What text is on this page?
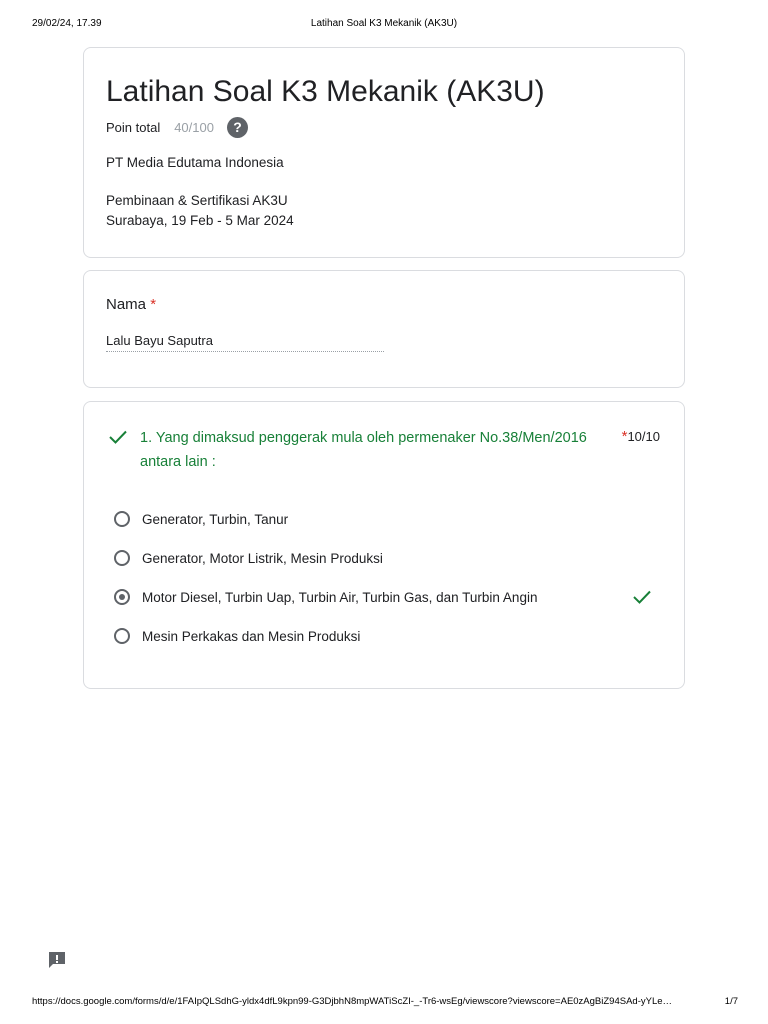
29/02/24, 17.39	Latihan Soal K3 Mekanik (AK3U)
Latihan Soal K3 Mekanik (AK3U)
Poin total 40/100	?

PT Media Edutama Indonesia

Pembinaan & Sertifikasi AK3U

Surabaya, 19 Feb - 5 Mar 2024

Nama *
Lalu Bayu Saputra
1. Yang dimaksud penggerak mula oleh permenaker No.38/Men/2016 antara lain :
*10/10
Generator, Turbin, Tanur
Generator, Motor Listrik, Mesin Produksi
Motor Diesel, Turbin Uap, Turbin Air, Turbin Gas, dan Turbin Angin
Mesin Perkakas dan Mesin Produksi
https://docs.google.com/forms/d/e/1FAIpQLSdhG-yldx4dfL9kpn99-G3DjbhN8mpWATiScZI-_-Tr6-wsEg/viewscore?viewscore=AE0zAgBiZ94SAd-yYLe…	1/7
